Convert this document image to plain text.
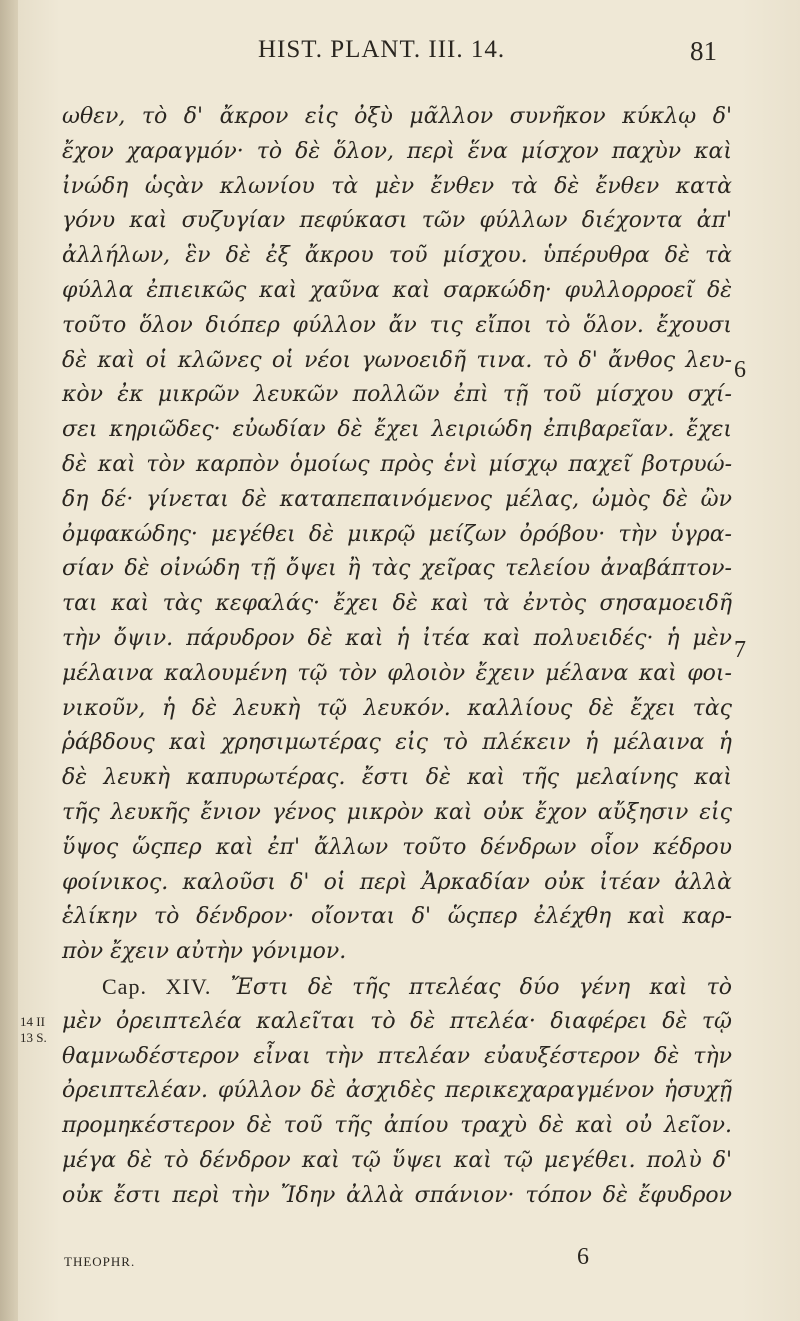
HIST. PLANT. III. 14.	81
ωθεν, τὸ δ' ἄκρον εἰς ὀξὺ μᾶλλον συνῆκον κύκλῳ δ'
ἔχον χαραγμόν· τὸ δὲ ὅλον, περὶ ἕνα μίσχον παχὺν καὶ
ἰνώδη ὡςὰν κλωνίου τὰ μὲν ἔνθεν τὰ δὲ ἔνθεν κατὰ
γόνυ καὶ συζυγίαν πεφύκασι τῶν φύλλων διέχοντα ἀπ'
ἀλλήλων, ἓν δὲ ἐξ ἄκρου τοῦ μίσχου. ὑπέρυθρα δὲ τὰ
φύλλα ἐπιεικῶς καὶ χαῦνα καὶ σαρκώδη· φυλλορροεῖ δὲ
τοῦτο ὅλον διόπερ φύλλον ἄν τις εἴποι τὸ ὅλον. ἔχουσι
δὲ καὶ οἱ κλῶνες οἱ νέοι γωνοειδῆ τινα. τὸ δ' ἄνθος λευ-
κὸν ἐκ μικρῶν λευκῶν πολλῶν ἐπὶ τῇ τοῦ μίσχου σχί-
σει κηριῶδες· εὐωδίαν δὲ ἔχει λειριώδη ἐπιβαρεῖαν. ἔχει
δὲ καὶ τὸν καρπὸν ὁμοίως πρὸς ἑνὶ μίσχῳ παχεῖ βοτρυώ-
δη δέ· γίνεται δὲ καταπεπαινόμενος μέλας, ὠμὸς δὲ ὢν
ὀμφακώδης· μεγέθει δὲ μικρῷ μείζων ὀρόβου· τὴν ὑγρα-
σίαν δὲ οἰνώδη τῇ ὄψει ἢ τὰς χεῖρας τελείου ἀναβάπτον-
ται καὶ τὰς κεφαλάς· ἔχει δὲ καὶ τὰ ἐντὸς σησαμοειδῆ
τὴν ὄψιν. πάρυδρον δὲ καὶ ἡ ἰτέα καὶ πολυειδές· ἡ μὲν
μέλαινα καλουμένη τῷ τὸν φλοιὸν ἔχειν μέλανα καὶ φοι-
νικοῦν, ἡ δὲ λευκὴ τῷ λευκόν. καλλίους δὲ ἔχει τὰς
ῥάβδους καὶ χρησιμωτέρας εἰς τὸ πλέκειν ἡ μέλαινα ἡ
δὲ λευκὴ καπυρωτέρας. ἔστι δὲ καὶ τῆς μελαίνης καὶ
τῆς λευκῆς ἔνιον γένος μικρὸν καὶ οὐκ ἔχον αὔξησιν εἰς
ὕψος ὥςπερ καὶ ἐπ' ἄλλων τοῦτο δένδρων οἷον κέδρου
φοίνικος. καλοῦσι δ' οἱ περὶ Ἀρκαδίαν οὐκ ἰτέαν ἀλλὰ
ἑλίκην τὸ δένδρον· οἴονται δ' ὥςπερ ἐλέχθη καὶ καρ-
πὸν ἔχειν αὐτὴν γόνιμον.
Cap. XIV. Ἔστι δὲ τῆς πτελέας δύο γένη καὶ τὸ
μὲν ὀρειπτελέα καλεῖται τὸ δὲ πτελέα· διαφέρει δὲ τῷ
θαμνωδέστερον εἶναι τὴν πτελέαν εὐαυξέστερον δὲ τὴν
ὀρειπτελέαν. φύλλον δὲ ἀσχιδὲς περικεχαραγμένον ἡσυχῇ
προμηκέστερον δὲ τοῦ τῆς ἀπίου τραχὺ δὲ καὶ οὐ λεῖον.
μέγα δὲ τὸ δένδρον καὶ τῷ ὕψει καὶ τῷ μεγέθει. πολὺ δ'
οὐκ ἔστι περὶ τὴν Ἴδην ἀλλὰ σπάνιον· τόπον δὲ ἔφυδρον
6
7
14 II
13 S.
THEOPHR.	6
